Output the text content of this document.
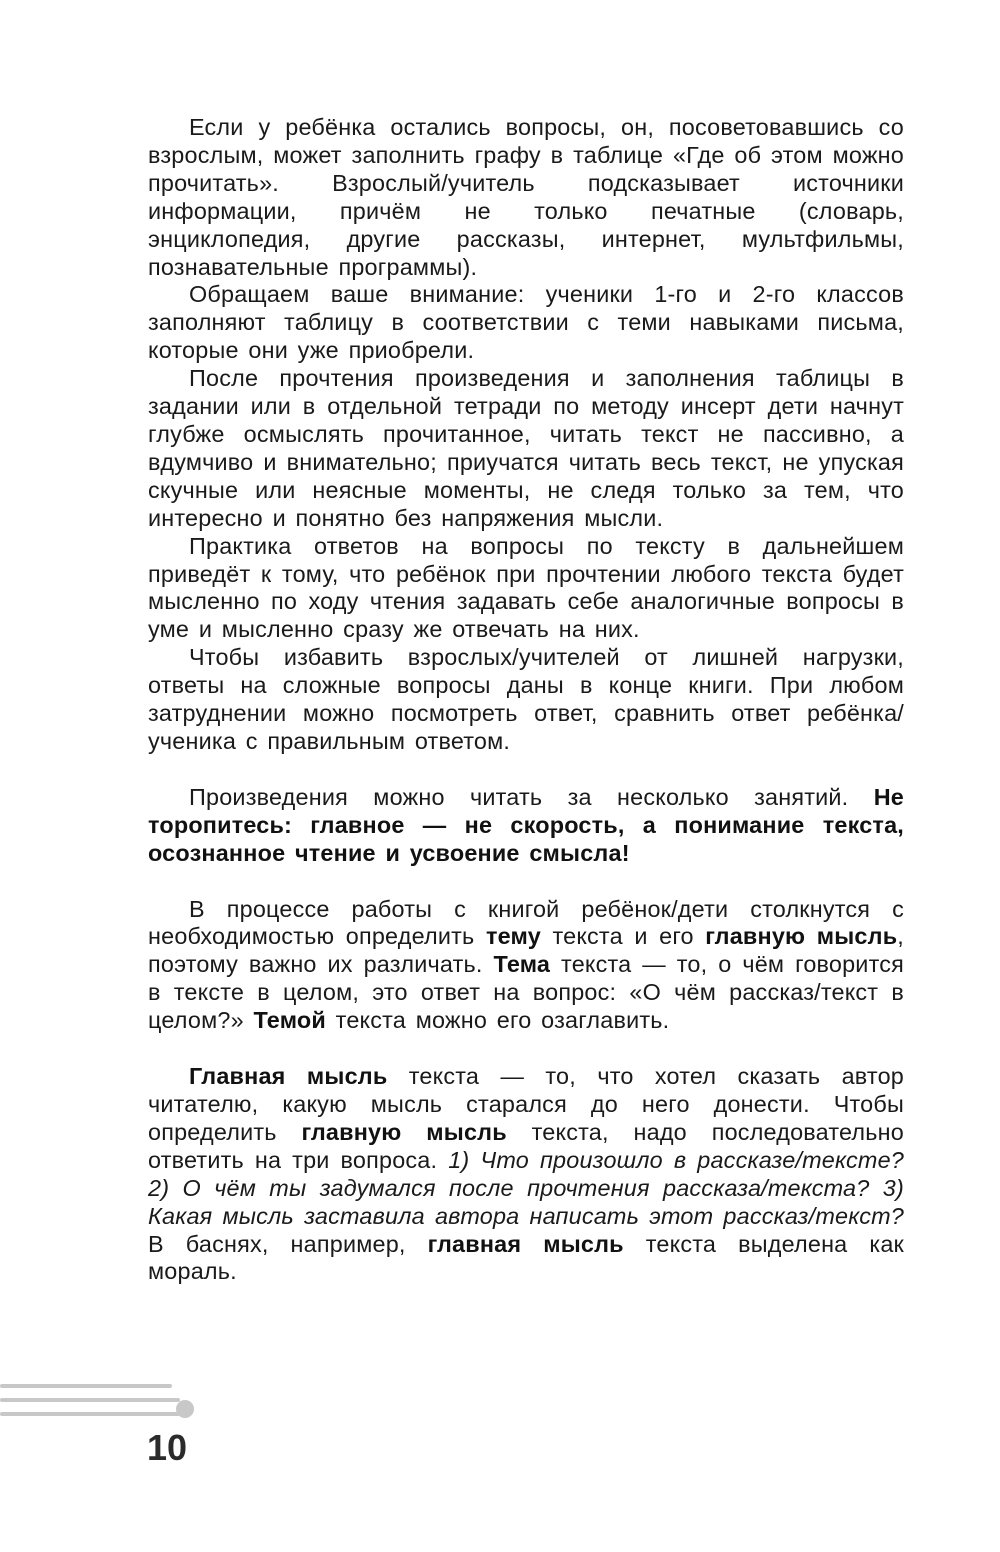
Если у ребёнка остались вопросы, он, посоветовавшись со взрослым, может заполнить графу в таблице «Где об этом можно прочитать». Взрослый/учитель подсказывает источники информации, причём не только печатные (словарь, энциклопедия, другие рассказы, интернет, мультфильмы, познавательные программы).

Обращаем ваше внимание: ученики 1-го и 2-го классов заполняют таблицу в соответствии с теми навыками письма, которые они уже приобрели.

После прочтения произведения и заполнения таблицы в задании или в отдельной тетради по методу инсерт дети начнут глубже осмыслять прочитанное, читать текст не пассивно, а вдумчиво и внимательно; приучатся читать весь текст, не упуская скучные или неясные моменты, не следя только за тем, что интересно и понятно без напряжения мысли.

Практика ответов на вопросы по тексту в дальнейшем приведёт к тому, что ребёнок при прочтении любого текста будет мысленно по ходу чтения задавать себе аналогичные вопросы в уме и мысленно сразу же отвечать на них.

Чтобы избавить взрослых/учителей от лишней нагрузки, ответы на сложные вопросы даны в конце книги. При любом затруднении можно посмотреть ответ, сравнить ответ ребёнка/ученика с правильным ответом.

Произведения можно читать за несколько занятий. Не торопитесь: главное — не скорость, а понимание текста, осознанное чтение и усвоение смысла!

В процессе работы с книгой ребёнок/дети столкнутся с необходимостью определить тему текста и его главную мысль, поэтому важно их различать. Тема текста — то, о чём говорится в тексте в целом, это ответ на вопрос: «О чём рассказ/текст в целом?» Темой текста можно его озаглавить.

Главная мысль текста — то, что хотел сказать автор читателю, какую мысль старался до него донести. Чтобы определить главную мысль текста, надо последовательно ответить на три вопроса. 1) Что произошло в рассказе/тексте? 2) О чём ты задумался после прочтения рассказа/текста? 3) Какая мысль заставила автора написать этот рассказ/текст? В баснях, например, главная мысль текста выделена как мораль.

10
